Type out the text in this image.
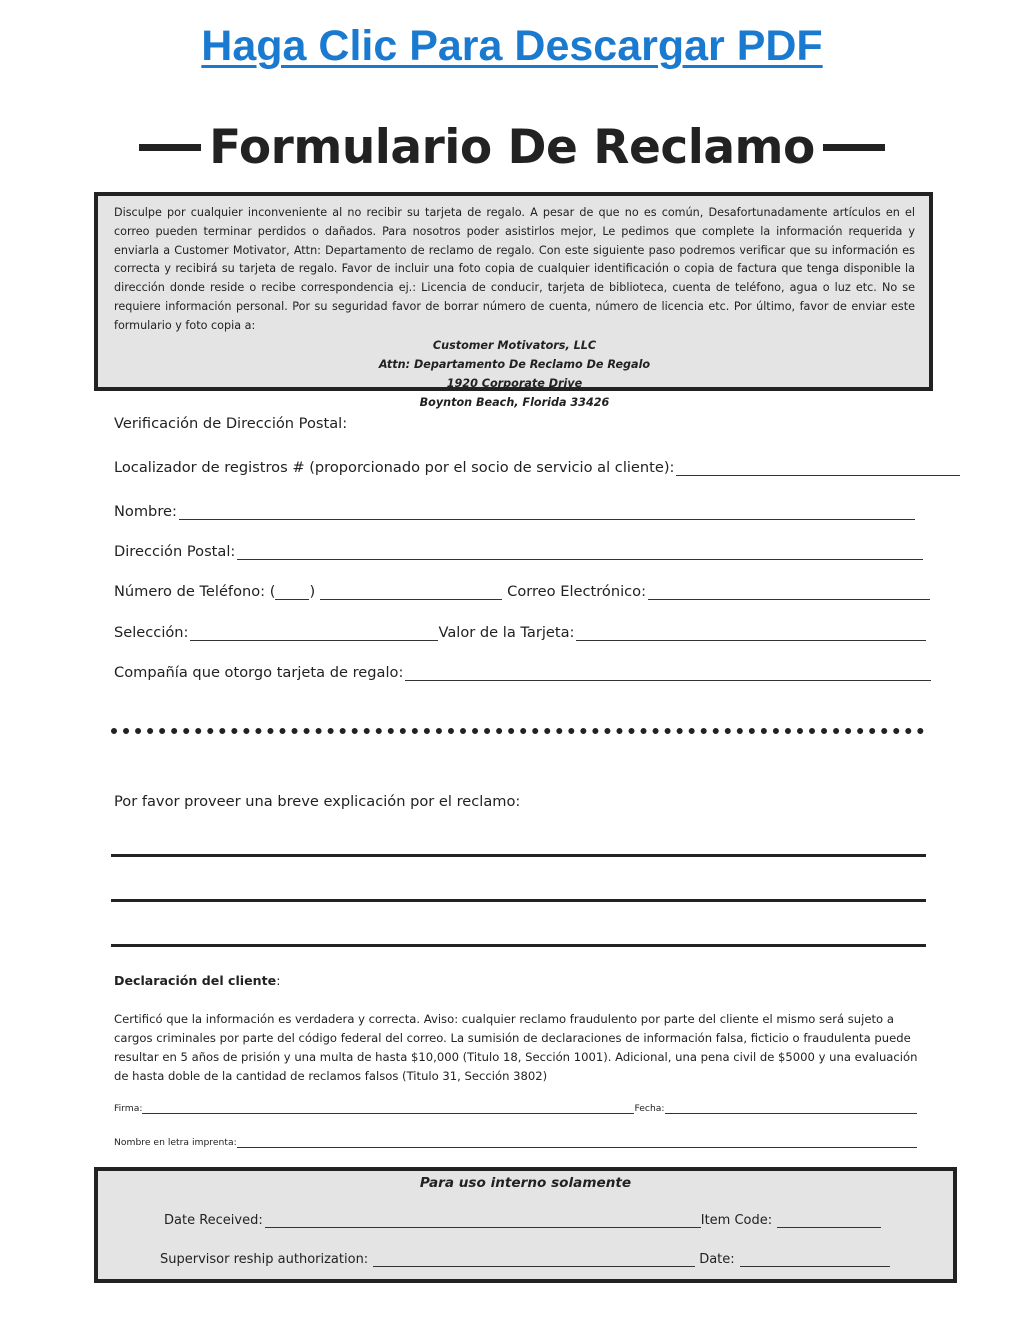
Haga Clic Para Descargar PDF
Formulario De Reclamo
Disculpe por cualquier inconveniente al no recibir su tarjeta de regalo. A pesar de que no es común, Desafortunadamente artículos en el correo pueden terminar perdidos o dañados. Para nosotros poder asistirlos mejor, Le pedimos que complete la información requerida y enviarla a Customer Motivator, Attn: Departamento de reclamo de regalo. Con este siguiente paso podremos verificar que su información es correcta y recibirá su tarjeta de regalo. Favor de incluir una foto copia de cualquier identificación o copia de factura que tenga disponible la dirección donde reside o recibe correspondencia ej.: Licencia de conducir, tarjeta de biblioteca, cuenta de teléfono, agua o luz etc. No se requiere información personal. Por su seguridad favor de borrar número de cuenta, número de licencia etc. Por último, favor de enviar este formulario y foto copia a:
Customer Motivators, LLC
Attn: Departamento De Reclamo De Regalo
1920 Corporate Drive
Boynton Beach, Florida 33426
Verificación de Dirección Postal:
Localizador de registros # (proporcionado por el socio de servicio al cliente):
Nombre:
Dirección Postal:
Número de Teléfono: ( )	Correo Electrónico:
Selección:	Valor de la Tarjeta:
Compañía que otorgo tarjeta de regalo:
Por favor proveer una breve explicación por el reclamo:
Declaración del cliente:
Certificó que la información es verdadera y correcta. Aviso: cualquier reclamo fraudulento por parte del cliente el mismo será sujeto a cargos criminales por parte del código federal del correo. La sumisión de declaraciones de información falsa, ficticio o fraudulenta puede resultar en 5 años de prisión y una multa de hasta $10,000 (Titulo 18, Sección 1001). Adicional, una pena civil de $5000 y una evaluación de hasta doble de la cantidad de reclamos falsos (Titulo 31, Sección 3802)
Firma:	Fecha:
Nombre en letra imprenta:
Para uso interno solamente
Date Received:	Item Code:
Supervisor reship authorization:	Date:
